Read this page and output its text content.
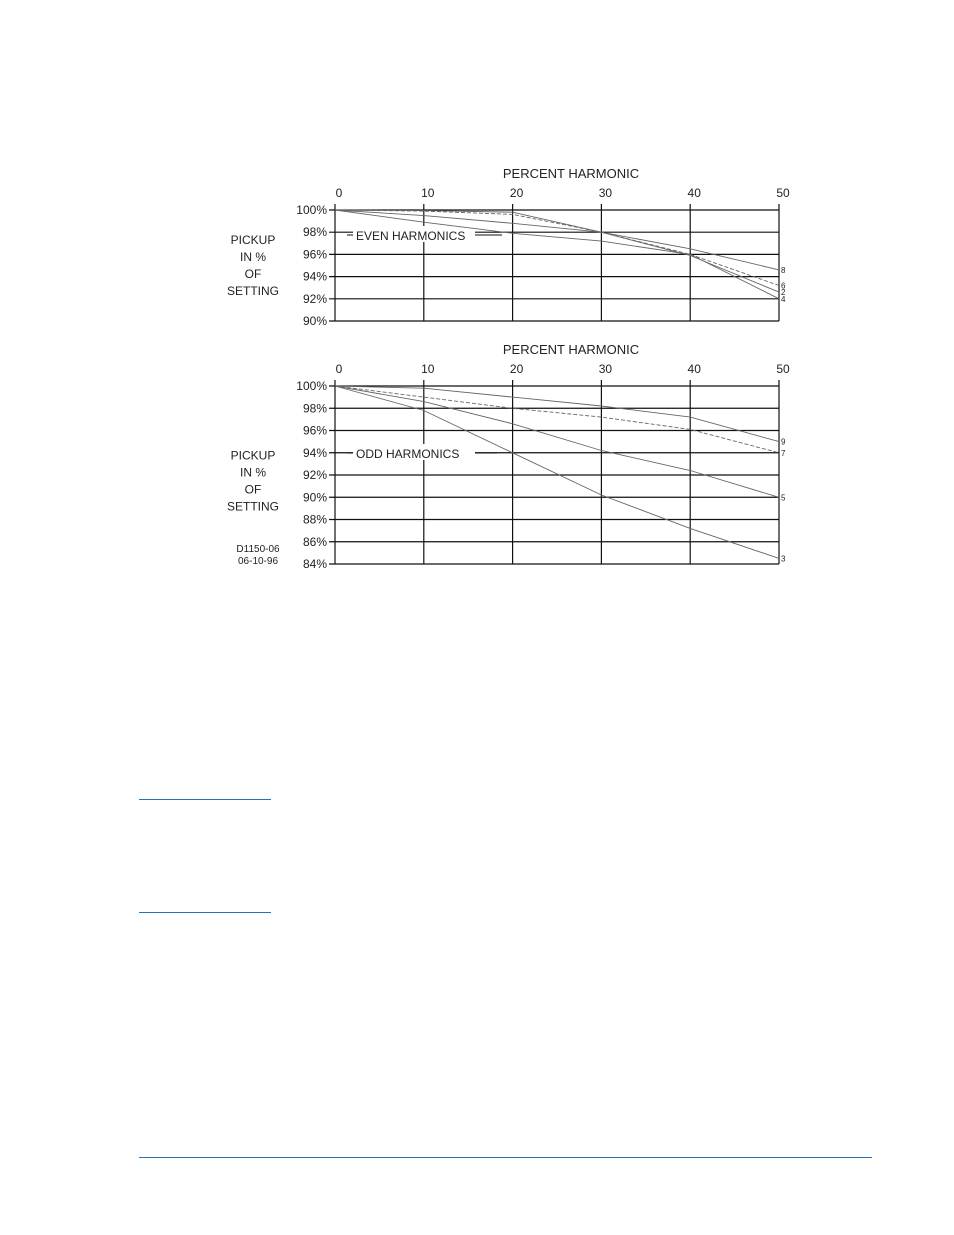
PERCENT HARMONIC
0	10	20	30	40	50
100%
98%
96%
94%
92%
90%
PICKUP
IN %
OF
SETTING
EVEN HARMONICS
8
6
2
4
PERCENT HARMONIC
0	10	20	30	40	50
100%
98%
96%
94%
92%
90%
88%
86%
84%
PICKUP
IN %
OF
SETTING
ODD HARMONICS
9
7
5
3
D1150-06
06-10-96
